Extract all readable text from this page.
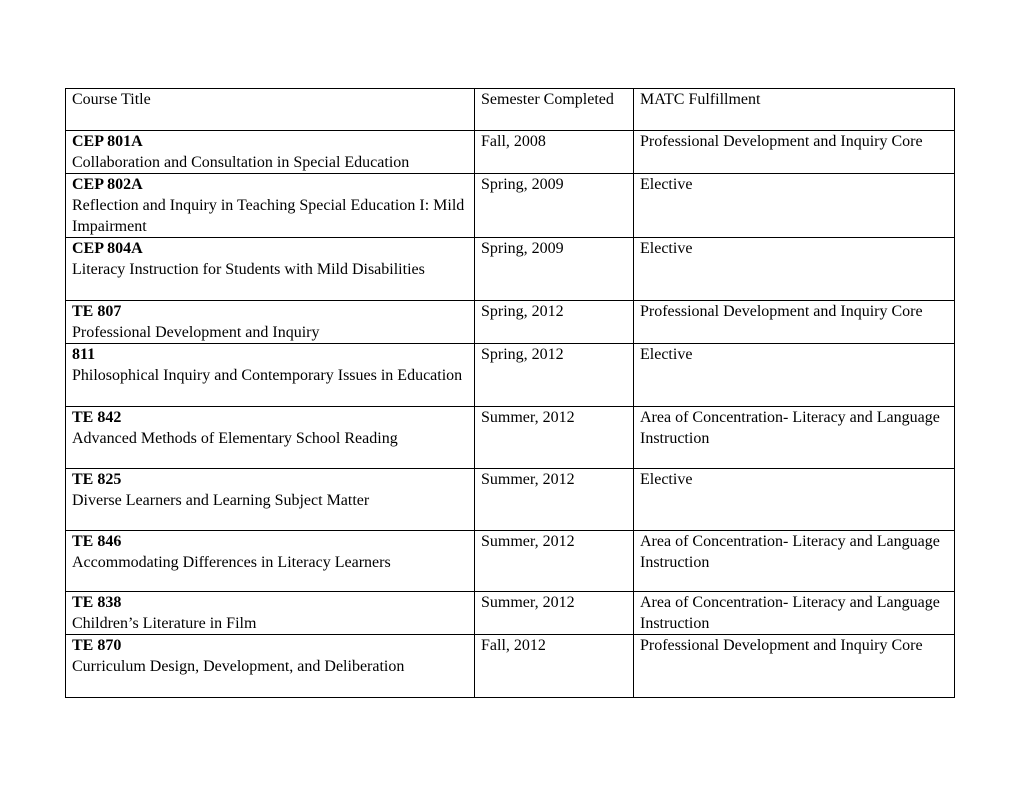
Course Title	Semester Completed	MATC Fulfillment

CEP 801A
Collaboration and Consultation in Special Education	Fall, 2008	Professional Development and Inquiry Core

CEP 802A
Reflection and Inquiry in Teaching Special Education I: Mild Impairment	Spring, 2009	Elective

CEP 804A
Literacy Instruction for Students with Mild Disabilities	Spring, 2009	Elective

TE 807
Professional Development and Inquiry	Spring, 2012	Professional Development and Inquiry Core

811
Philosophical Inquiry and Contemporary Issues in Education	Spring, 2012	Elective

TE 842
Advanced Methods of Elementary School Reading	Summer, 2012	Area of Concentration- Literacy and Language Instruction

TE 825
Diverse Learners and Learning Subject Matter	Summer, 2012	Elective

TE 846
Accommodating Differences in Literacy Learners	Summer, 2012	Area of Concentration- Literacy and Language Instruction

TE 838
Children’s Literature in Film	Summer, 2012	Area of Concentration- Literacy and Language Instruction

TE 870
Curriculum Design, Development, and Deliberation	Fall, 2012	Professional Development and Inquiry Core
